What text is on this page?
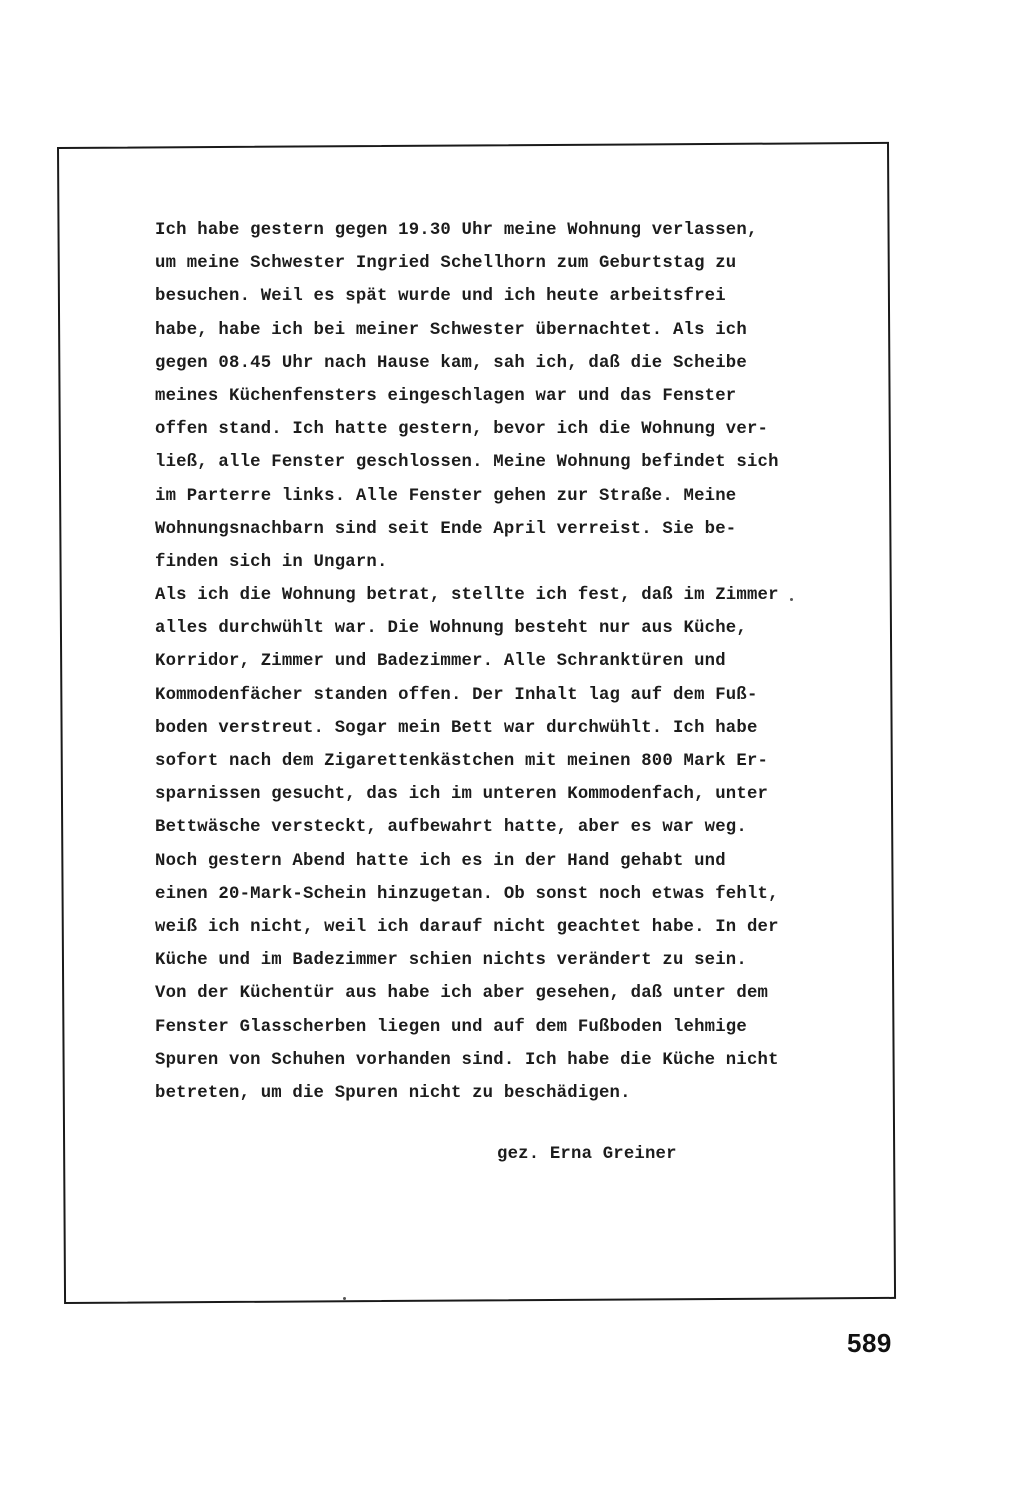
Ich habe gestern gegen 19.30 Uhr meine Wohnung verlassen,
um meine Schwester Ingried Schellhorn zum Geburtstag zu
besuchen. Weil es spät wurde und ich heute arbeitsfrei
habe, habe ich bei meiner Schwester übernachtet. Als ich
gegen 08.45 Uhr nach Hause kam, sah ich, daß die Scheibe
meines Küchenfensters eingeschlagen war und das Fenster
offen stand. Ich hatte gestern, bevor ich die Wohnung ver-
ließ, alle Fenster geschlossen. Meine Wohnung befindet sich
im Parterre links. Alle Fenster gehen zur Straße. Meine
Wohnungsnachbarn sind seit Ende April verreist. Sie be-
finden sich in Ungarn.
Als ich die Wohnung betrat, stellte ich fest, daß im Zimmer
alles durchwühlt war. Die Wohnung besteht nur aus Küche,
Korridor, Zimmer und Badezimmer. Alle Schranktüren und
Kommodenfächer standen offen. Der Inhalt lag auf dem Fuß-
boden verstreut. Sogar mein Bett war durchwühlt. Ich habe
sofort nach dem Zigarettenkästchen mit meinen 800 Mark Er-
sparnissen gesucht, das ich im unteren Kommodenfach, unter
Bettwäsche versteckt, aufbewahrt hatte, aber es war weg.
Noch gestern Abend hatte ich es in der Hand gehabt und
einen 20-Mark-Schein hinzugetan. Ob sonst noch etwas fehlt,
weiß ich nicht, weil ich darauf nicht geachtet habe. In der
Küche und im Badezimmer schien nichts verändert zu sein.
Von der Küchentür aus habe ich aber gesehen, daß unter dem
Fenster Glasscherben liegen und auf dem Fußboden lehmige
Spuren von Schuhen vorhanden sind. Ich habe die Küche nicht
betreten, um die Spuren nicht zu beschädigen.
gez. Erna Greiner
589
